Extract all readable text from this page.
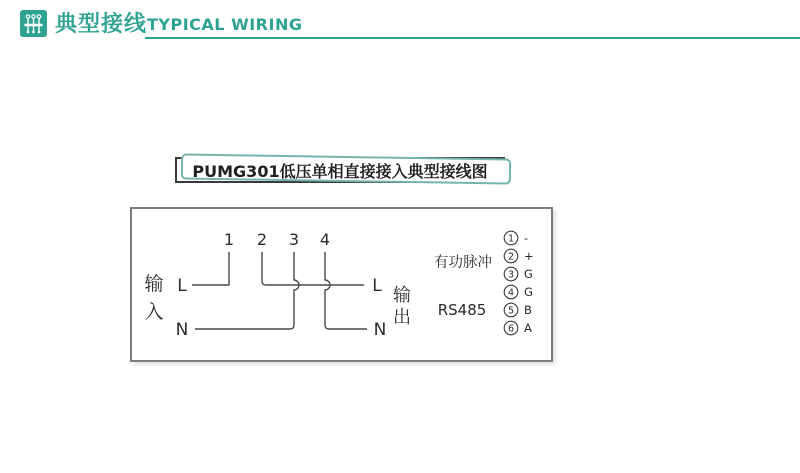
典型接线 TYPICAL WIRING
PUMG301低压单相直接接入典型接线图
1 2 3 4
输
入
L
N
L
N
输
出
有功脉冲
RS485
1 -
2 +
3 G
4 G
5 B
6 A
